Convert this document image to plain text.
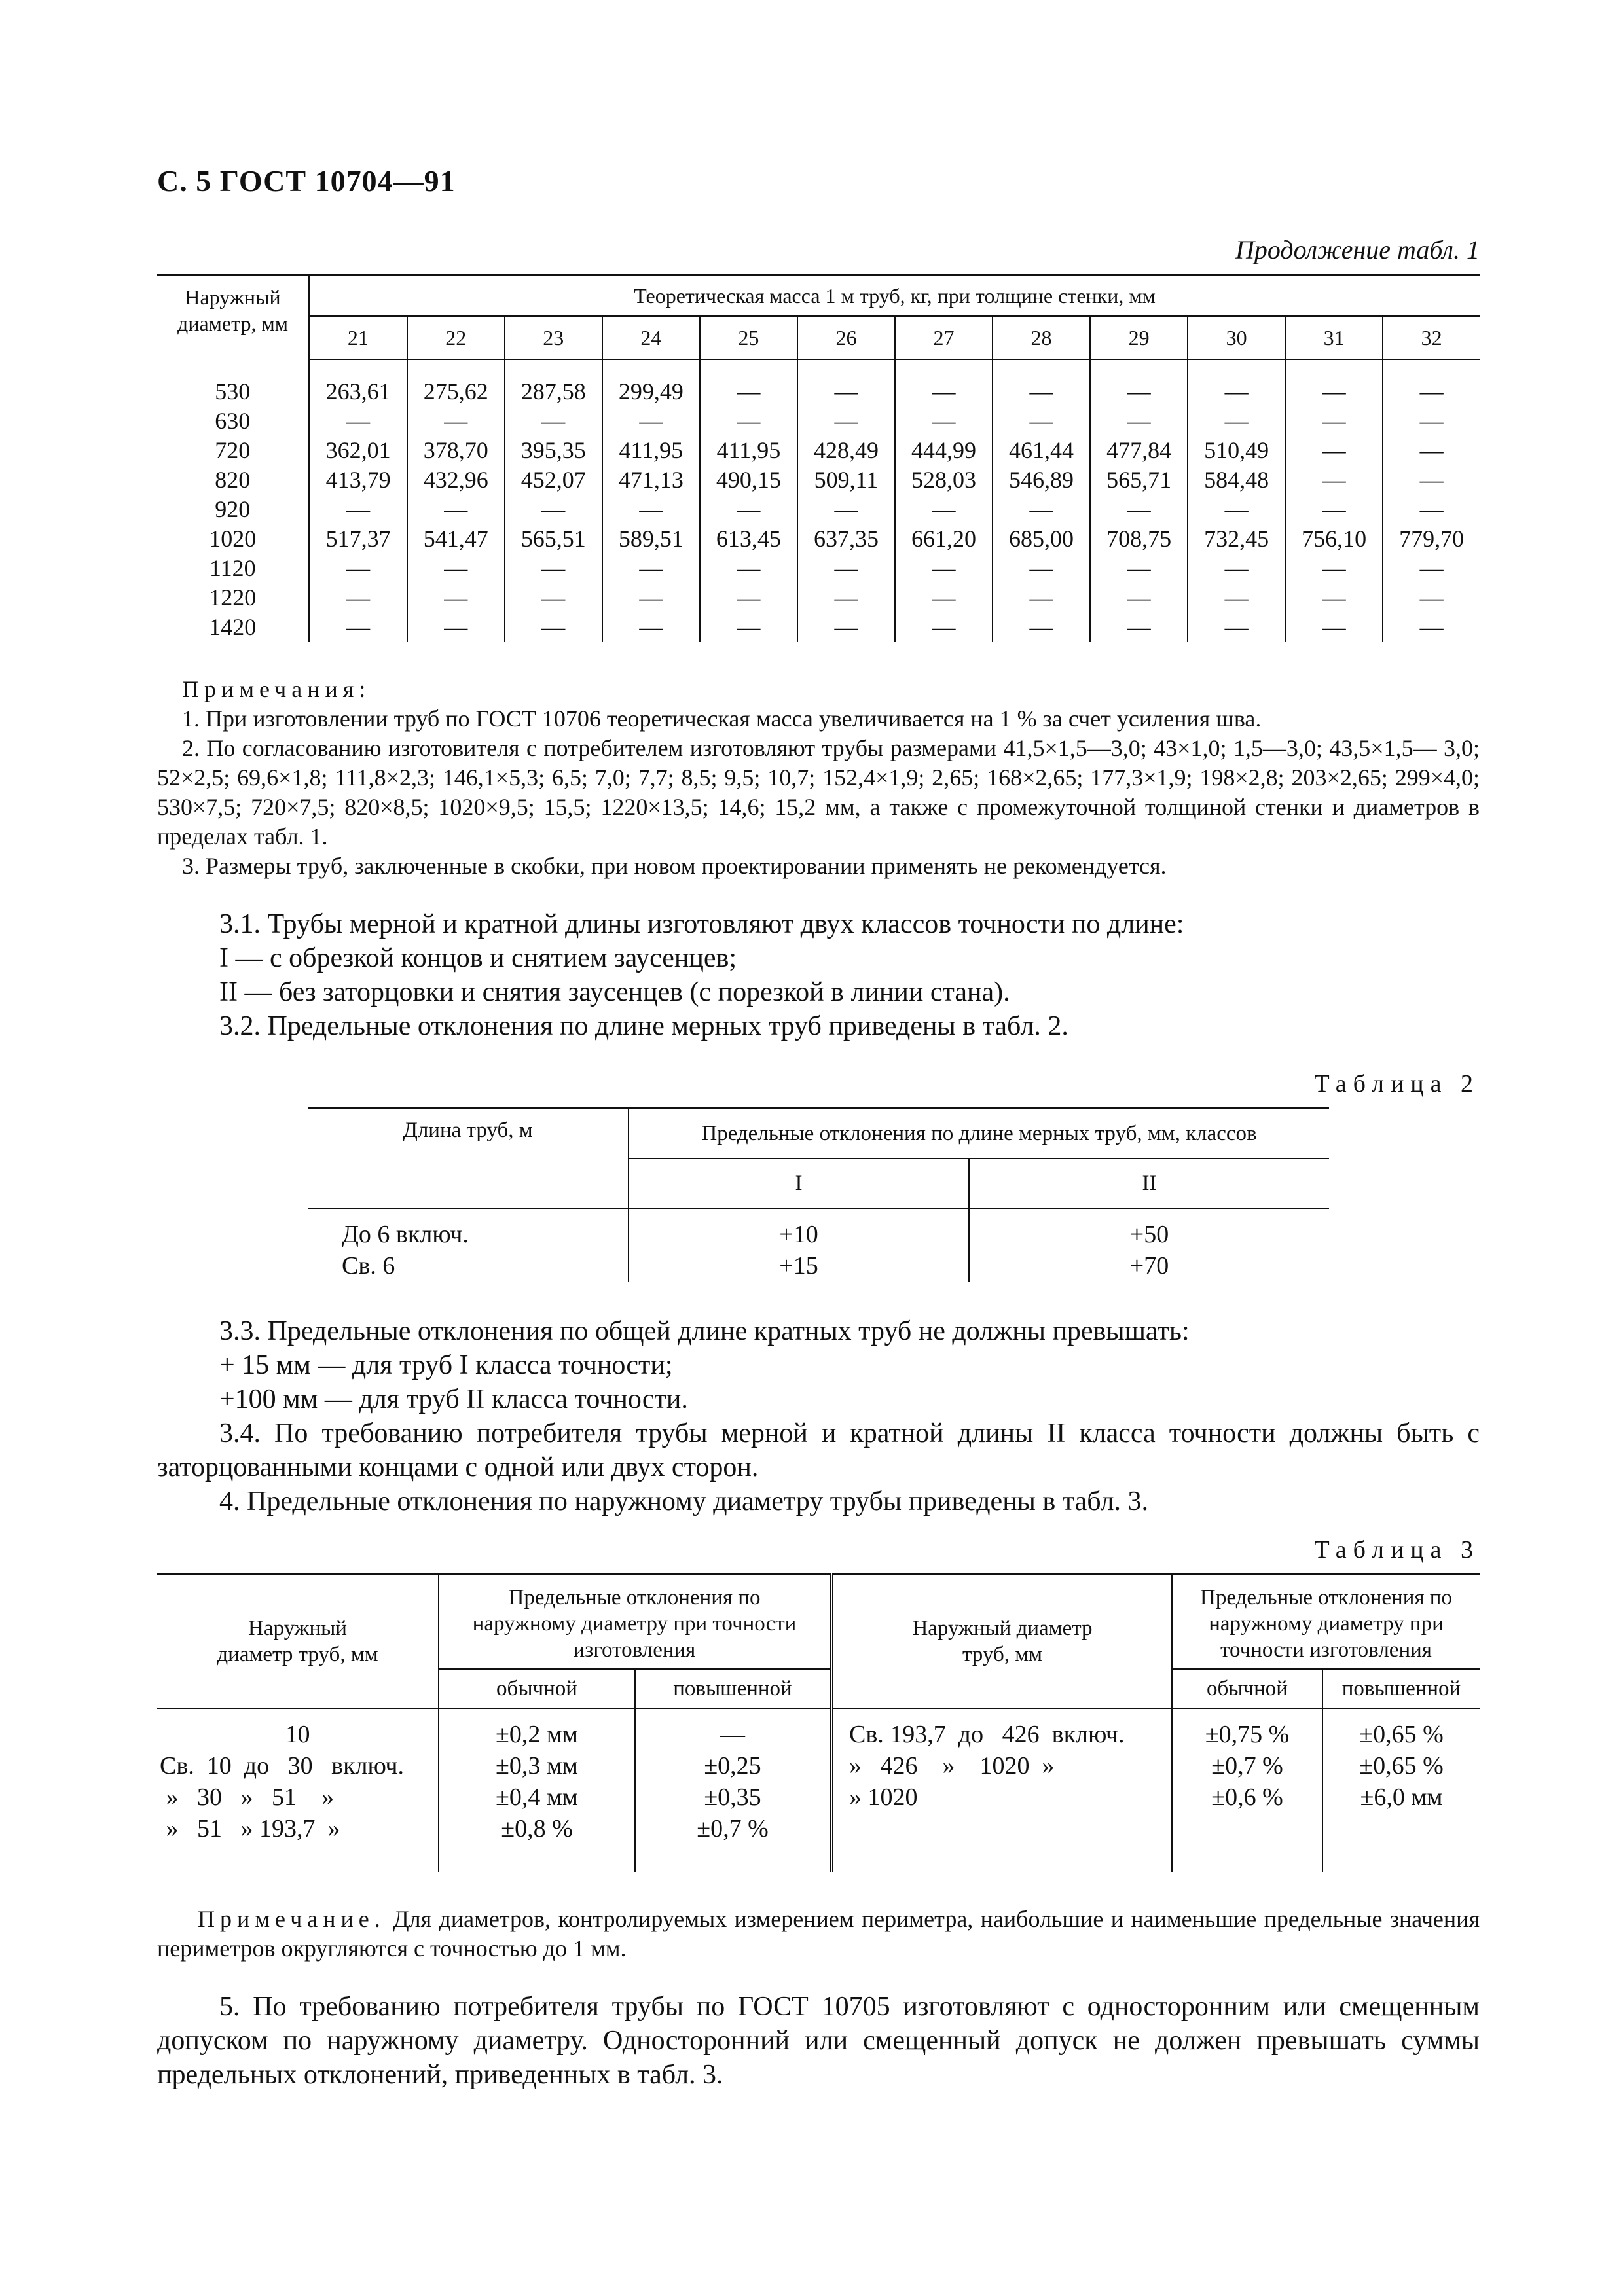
С. 5 ГОСТ 10704—91
Продолжение табл. 1
Наружный диаметр, мм	Теоретическая масса 1 м труб, кг, при толщине стенки, мм											
	21	22	23	24	25	26	27	28	29	30	31	32
530	263,61	275,62	287,58	299,49	—	—	—	—	—	—	—	—
630	—	—	—	—	—	—	—	—	—	—	—	—
720	362,01	378,70	395,35	411,95	411,95	428,49	444,99	461,44	477,84	510,49	—	—
820	413,79	432,96	452,07	471,13	490,15	509,11	528,03	546,89	565,71	584,48	—	—
920	—	—	—	—	—	—	—	—	—	—	—	—
1020	517,37	541,47	565,51	589,51	613,45	637,35	661,20	685,00	708,75	732,45	756,10	779,70
1120	—	—	—	—	—	—	—	—	—	—	—	—
1220	—	—	—	—	—	—	—	—	—	—	—	—
1420	—	—	—	—	—	—	—	—	—	—	—	—

Примечания:

1. При изготовлении труб по ГОСТ 10706 теоретическая масса увеличивается на 1 % за счет усиления шва.

2. По согласованию изготовителя с потребителем изготовляют трубы размерами 41,5×1,5—3,0; 43×1,0; 1,5—3,0; 43,5×1,5— 3,0; 52×2,5; 69,6×1,8; 111,8×2,3; 146,1×5,3; 6,5; 7,0; 7,7; 8,5; 9,5; 10,7; 152,4×1,9; 2,65; 168×2,65; 177,3×1,9; 198×2,8; 203×2,65; 299×4,0; 530×7,5; 720×7,5; 820×8,5; 1020×9,5; 15,5; 1220×13,5; 14,6; 15,2 мм, а также с промежуточной толщиной стенки и диаметров в пределах табл. 1.

3. Размеры труб, заключенные в скобки, при новом проектировании применять не рекомендуется.

3.1. Трубы мерной и кратной длины изготовляют двух классов точности по длине:

I — с обрезкой концов и снятием заусенцев;

II — без заторцовки и снятия заусенцев (с порезкой в линии стана).

3.2. Предельные отклонения по длине мерных труб приведены в табл. 2.

Таблица 2
Длина труб, м	Предельные отклонения по длине мерных труб, мм, классов	
	I	II
До 6 включ.	+10	+50
Св. 6	+15	+70

3.3. Предельные отклонения по общей длине кратных труб не должны превышать:

+ 15 мм — для труб I класса точности;

+100 мм — для труб II класса точности.

3.4. По требованию потребителя трубы мерной и кратной длины II класса точности должны быть с заторцованными концами с одной или двух сторон.

4. Предельные отклонения по наружному диаметру трубы приведены в табл. 3.

Таблица 3
Наружный диаметр труб, мм	Предельные отклонения по наружному диаметру при точности изготовления		Наружный диаметр труб, мм	Предельные отклонения по наружному диаметру при точности изготовления	
	обычной	повышенной		обычной	повышенной
10	±0,2 мм	—	Св. 193,7  до   426  включ.	±0,75 %	±0,65 %
Св.  10  до   30   включ.	±0,3 мм	±0,25	»   426    »    1020  »	±0,7 %	±0,65 %
»   30   »   51    »	±0,4 мм	±0,35	» 1020	±0,6 %	±6,0 мм
»   51   » 193,7  »	±0,8 %	±0,7 %			

Примечание. Для диаметров, контролируемых измерением периметра, наибольшие и наименьшие предельные значения периметров округляются с точностью до 1 мм.

5. По требованию потребителя трубы по ГОСТ 10705 изготовляют с односторонним или смещенным допуском по наружному диаметру. Односторонний или смещенный допуск не должен превышать суммы предельных отклонений, приведенных в табл. 3.
